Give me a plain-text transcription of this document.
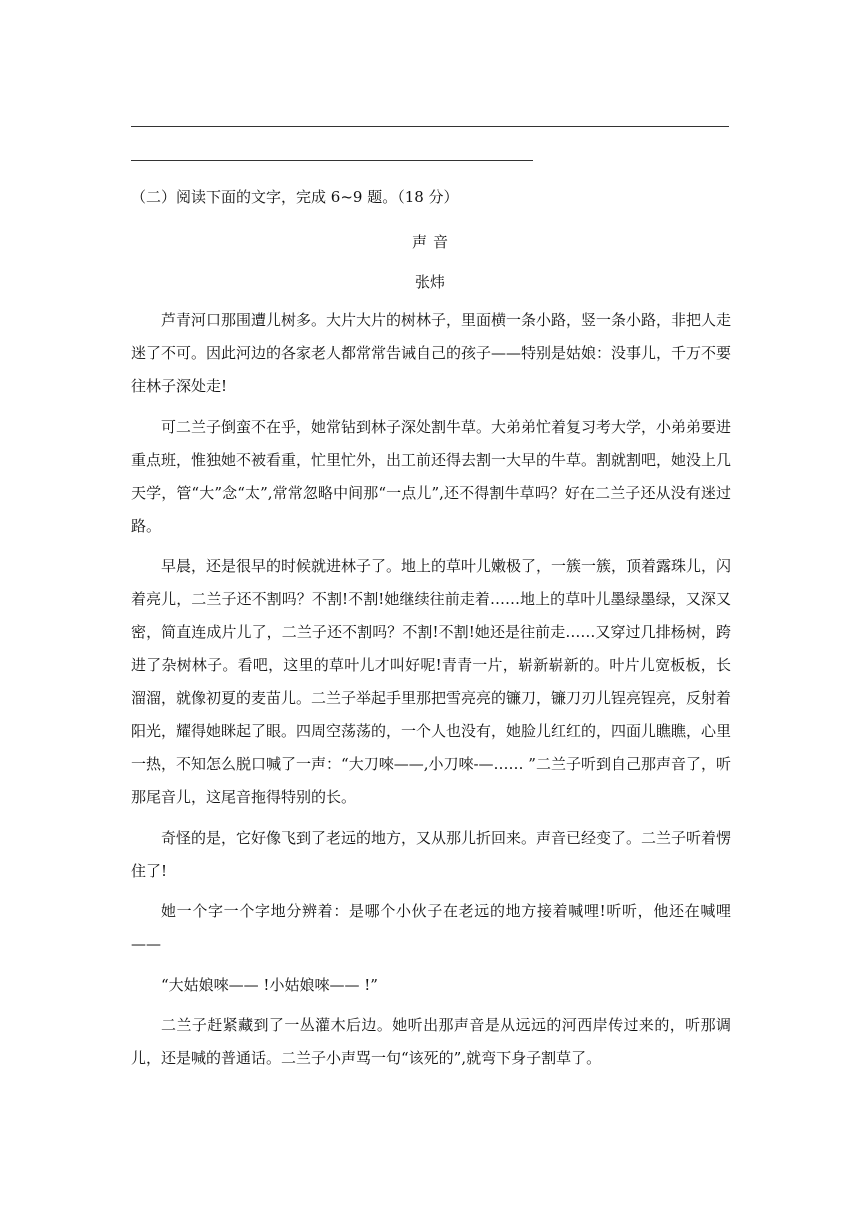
（二）阅读下面的文字，完成 6~9 题。（18 分）
声音
张炜

芦青河口那围遭儿树多。大片大片的树林子，里面横一条小路，竖一条小路，非把人走迷了不可。因此河边的各家老人都常常告诫自己的孩子——特别是姑娘：没事儿，千万不要往林子深处走!

可二兰子倒蛮不在乎，她常钻到林子深处割牛草。大弟弟忙着复习考大学，小弟弟要进重点班，惟独她不被看重，忙里忙外，出工前还得去割一大早的牛草。割就割吧，她没上几天学，管“大”念“太”,常常忽略中间那“一点儿”,还不得割牛草吗？好在二兰子还从没有迷过路。

早晨，还是很早的时候就进林子了。地上的草叶儿嫩极了，一簇一簇，顶着露珠儿，闪着亮儿，二兰子还不割吗？不割!不割!她继续往前走着……地上的草叶儿墨绿墨绿，又深又密，简直连成片儿了，二兰子还不割吗？不割!不割!她还是往前走……又穿过几排杨树，跨进了杂树林子。看吧，这里的草叶儿才叫好呢!青青一片，崭新崭新的。叶片儿宽板板，长溜溜，就像初夏的麦苗儿。二兰子举起手里那把雪亮亮的镰刀，镰刀刃儿锃亮锃亮，反射着阳光，耀得她眯起了眼。四周空荡荡的，一个人也没有，她脸儿红红的，四面儿瞧瞧，心里一热，不知怎么脱口喊了一声：“大刀唻——,小刀唻-—…… ”二兰子听到自己那声音了，听那尾音儿，这尾音拖得特别的长。

奇怪的是，它好像飞到了老远的地方，又从那儿折回来。声音已经变了。二兰子听着愣住了!

她一个字一个字地分辨着：是哪个小伙子在老远的地方接着喊哩!听听，他还在喊哩——

“大姑娘唻—— !小姑娘唻—— !”

二兰子赶紧藏到了一丛灌木后边。她听出那声音是从远远的河西岸传过来的，听那调儿，还是喊的普通话。二兰子小声骂一句“该死的”,就弯下身子割草了。
